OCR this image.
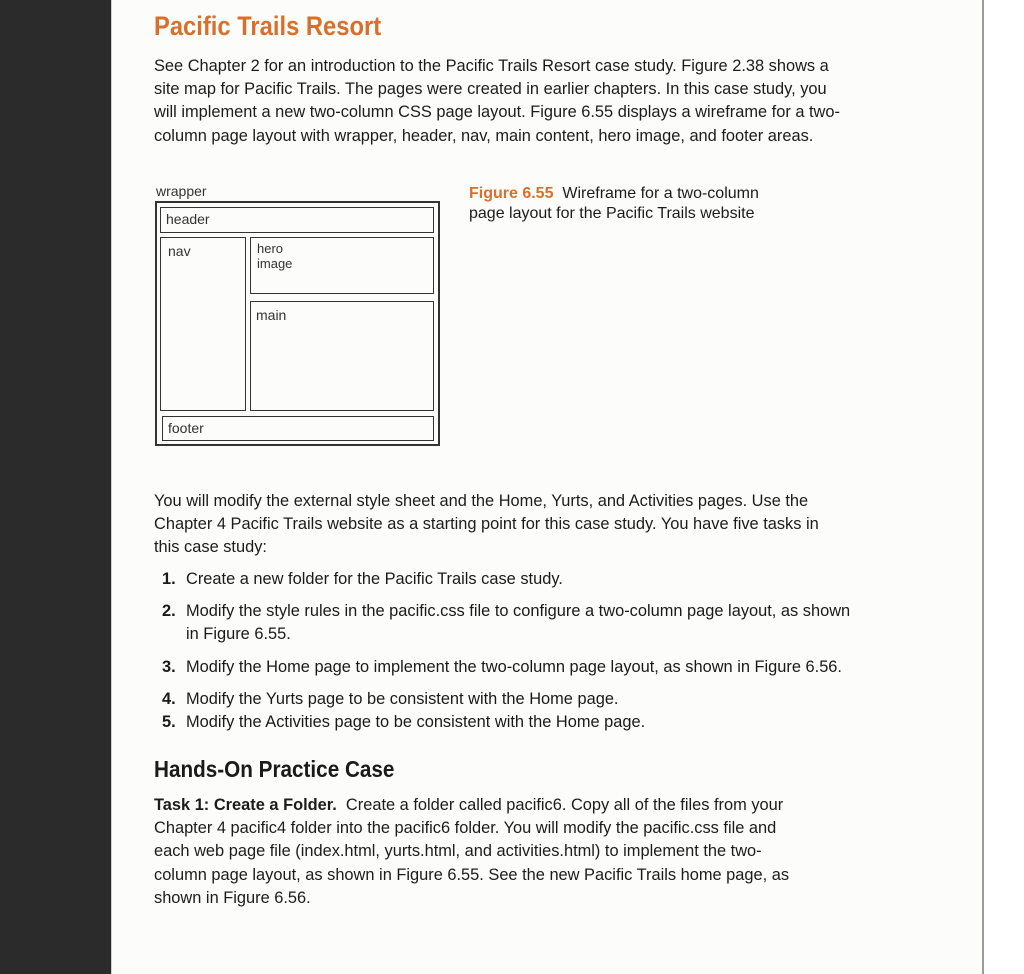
Pacific Trails Resort

See Chapter 2 for an introduction to the Pacific Trails Resort case study. Figure 2.38 shows a site map for Pacific Trails. The pages were created in earlier chapters. In this case study, you will implement a new two-column CSS page layout. Figure 6.55 displays a wireframe for a two-column page layout with wrapper, header, nav, main content, hero image, and footer areas.

wrapper
header
nav	hero image
main
footer

Figure 6.55 Wireframe for a two-column page layout for the Pacific Trails website

You will modify the external style sheet and the Home, Yurts, and Activities pages. Use the Chapter 4 Pacific Trails website as a starting point for this case study. You have five tasks in this case study:

1. Create a new folder for the Pacific Trails case study.
2. Modify the style rules in the pacific.css file to configure a two-column page layout, as shown in Figure 6.55.
3. Modify the Home page to implement the two-column page layout, as shown in Figure 6.56.
4. Modify the Yurts page to be consistent with the Home page.
5. Modify the Activities page to be consistent with the Home page.
Hands-On Practice Case

Task 1: Create a Folder. Create a folder called pacific6. Copy all of the files from your Chapter 4 pacific4 folder into the pacific6 folder. You will modify the pacific.css file and each web page file (index.html, yurts.html, and activities.html) to implement the two-column page layout, as shown in Figure 6.55. See the new Pacific Trails home page, as shown in Figure 6.56.
